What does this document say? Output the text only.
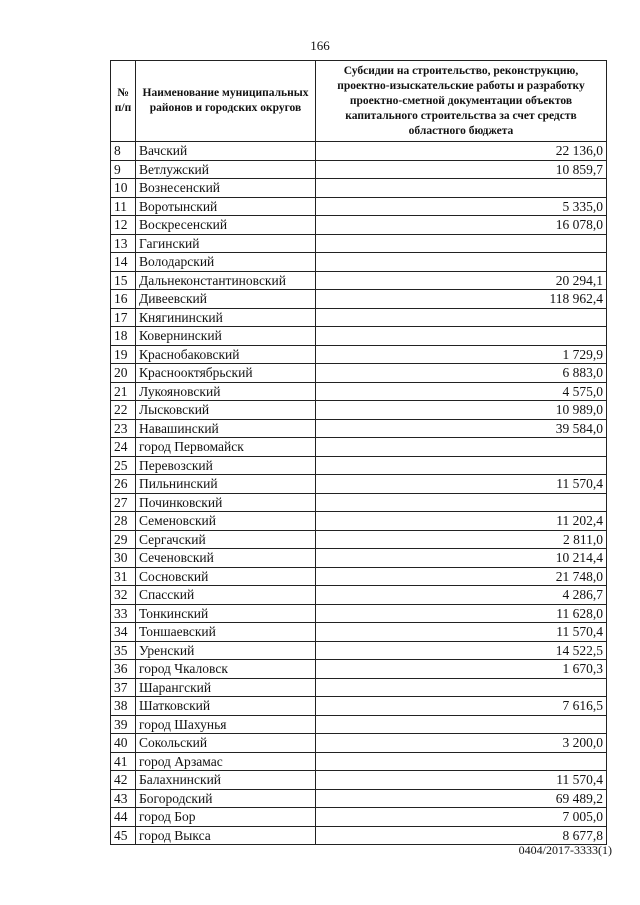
166
№ п/п	Наименование муниципальных районов и городских округов	Субсидии на строительство, реконструкцию, проектно-изыскательские работы и разработку проектно-сметной документации объектов капитального строительства за счет средств областного бюджета
8	Вачский	22 136,0
9	Ветлужский	10 859,7
10	Вознесенский	
11	Воротынский	5 335,0
12	Воскресенский	16 078,0
13	Гагинский	
14	Володарский	
15	Дальнеконстантиновский	20 294,1
16	Дивеевский	118 962,4
17	Княгининский	
18	Ковернинский	
19	Краснобаковский	1 729,9
20	Краснооктябрьский	6 883,0
21	Лукояновский	4 575,0
22	Лысковский	10 989,0
23	Навашинский	39 584,0
24	город Первомайск	
25	Перевозский	
26	Пильнинский	11 570,4
27	Починковский	
28	Семеновский	11 202,4
29	Сергачский	2 811,0
30	Сеченовский	10 214,4
31	Сосновский	21 748,0
32	Спасский	4 286,7
33	Тонкинский	11 628,0
34	Тоншаевский	11 570,4
35	Уренский	14 522,5
36	город Чкаловск	1 670,3
37	Шарангский	
38	Шатковский	7 616,5
39	город Шахунья	
40	Сокольский	3 200,0
41	город Арзамас	
42	Балахнинский	11 570,4
43	Богородский	69 489,2
44	город Бор	7 005,0
45	город Выкса	8 677,8
0404/2017-3333(1)
